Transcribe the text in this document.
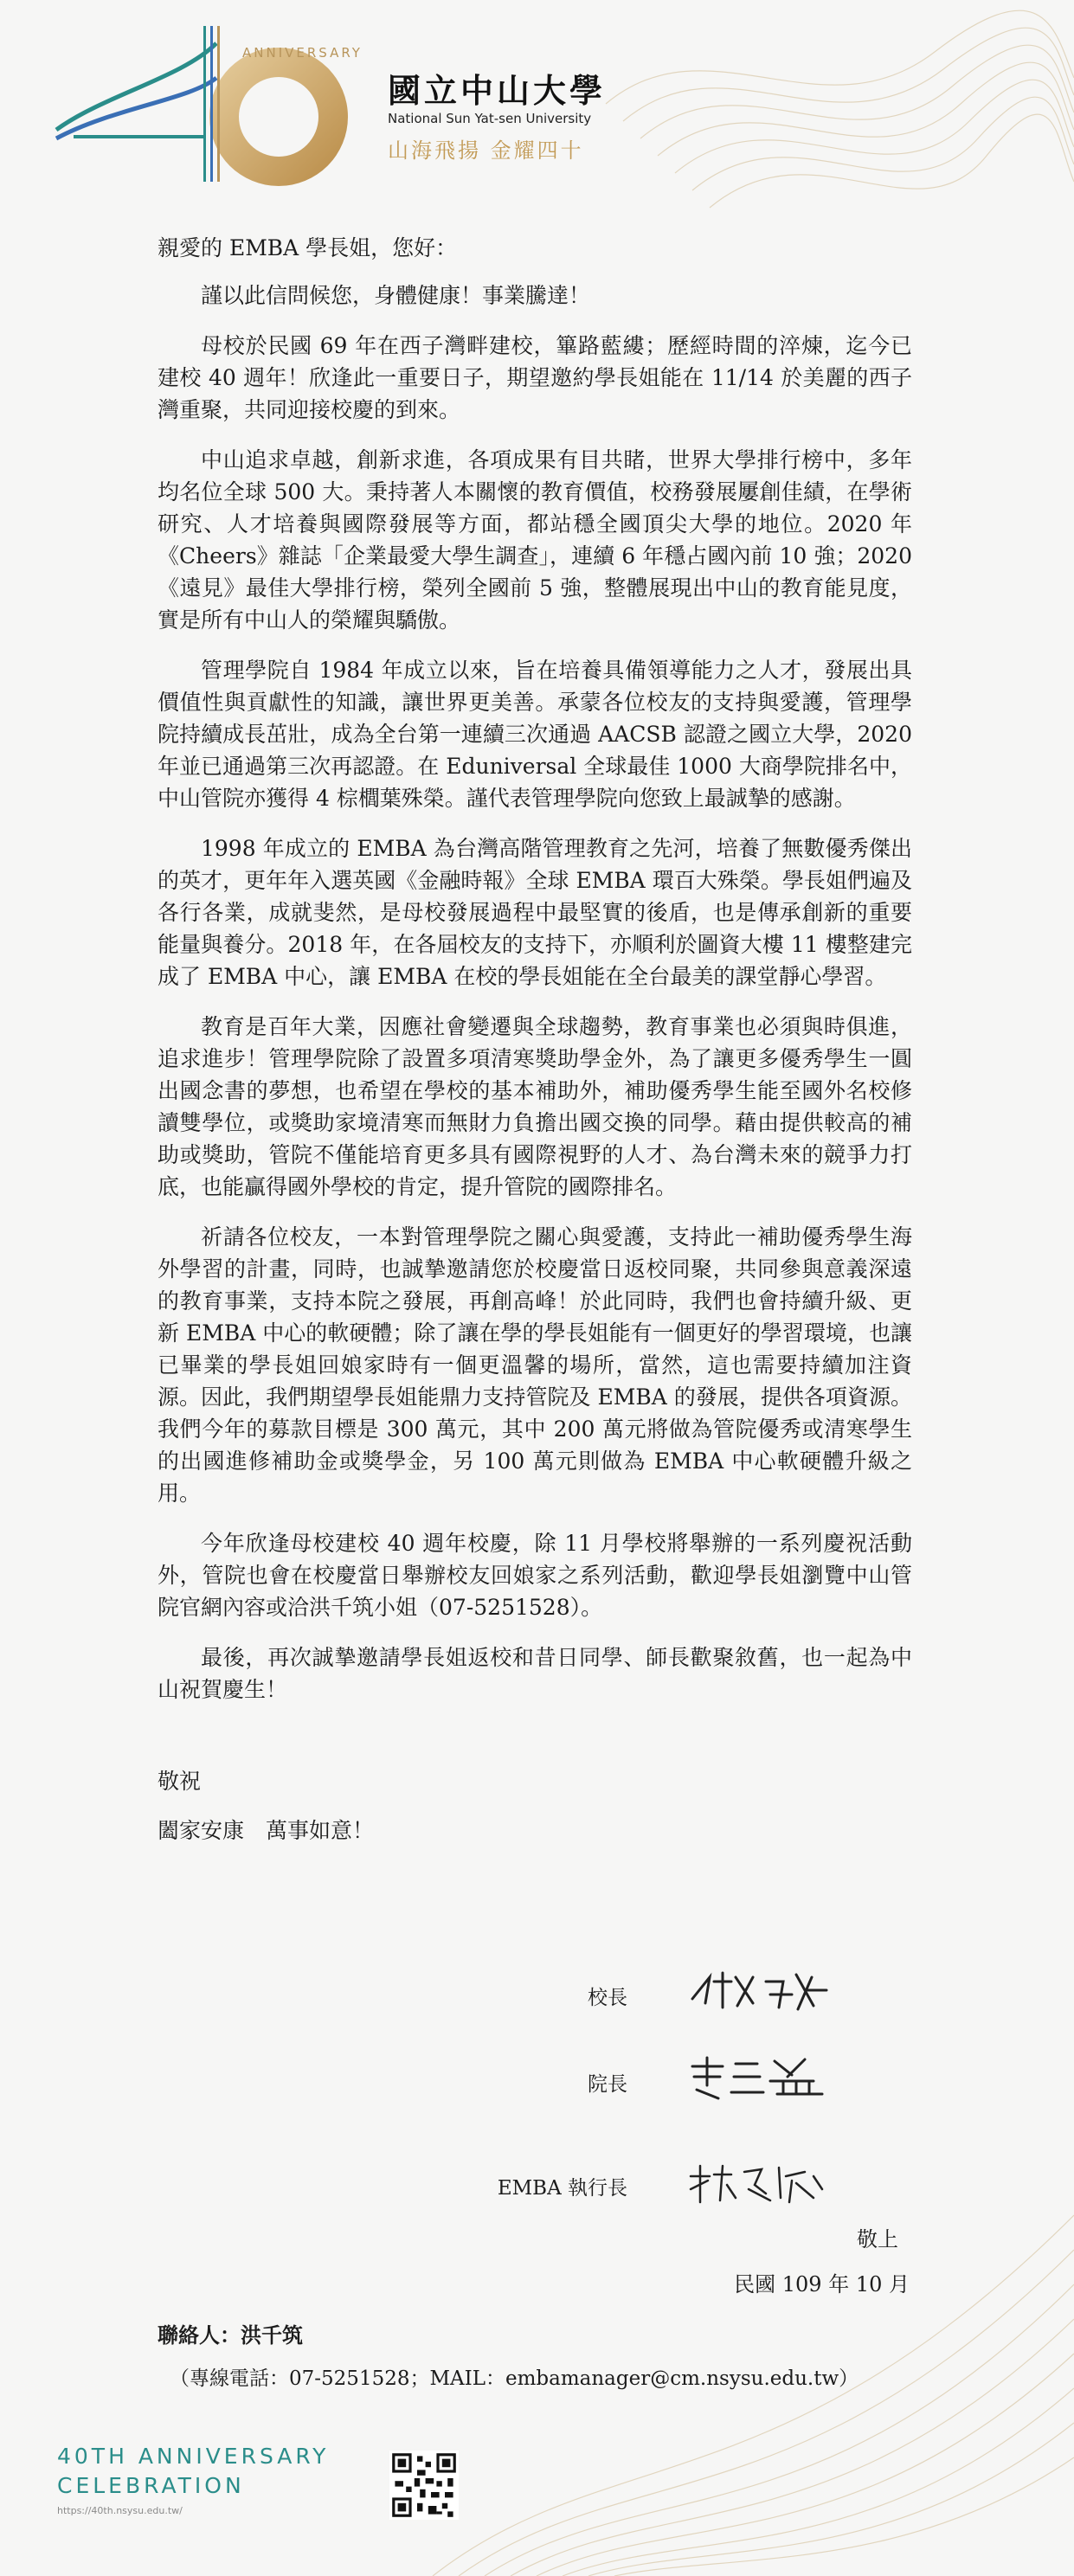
ANNIVERSARY
國立中山大學
National Sun Yat-sen University
山海飛揚 金耀四十

親愛的 EMBA 學長姐，您好：

謹以此信問候您，身體健康！事業騰達！

母校於民國 69 年在西子灣畔建校，篳路藍縷；歷經時間的淬煉，迄今已建校 40 週年！欣逢此一重要日子，期望邀約學長姐能在 11/14 於美麗的西子灣重聚，共同迎接校慶的到來。

中山追求卓越，創新求進，各項成果有目共睹，世界大學排行榜中，多年均名位全球 500 大。秉持著人本關懷的教育價值，校務發展屢創佳績，在學術研究、人才培養與國際發展等方面，都站穩全國頂尖大學的地位。2020 年《Cheers》雜誌「企業最愛大學生調查」，連續 6 年穩占國內前 10 強；2020《遠見》最佳大學排行榜，榮列全國前 5 強，整體展現出中山的教育能見度，實是所有中山人的榮耀與驕傲。

管理學院自 1984 年成立以來，旨在培養具備領導能力之人才，發展出具價值性與貢獻性的知識，讓世界更美善。承蒙各位校友的支持與愛護，管理學院持續成長茁壯，成為全台第一連續三次通過 AACSB 認證之國立大學，2020 年並已通過第三次再認證。在 Eduniversal 全球最佳 1000 大商學院排名中，中山管院亦獲得 4 棕櫚葉殊榮。謹代表管理學院向您致上最誠摯的感謝。

1998 年成立的 EMBA 為台灣高階管理教育之先河，培養了無數優秀傑出的英才，更年年入選英國《金融時報》全球 EMBA 環百大殊榮。學長姐們遍及各行各業，成就斐然，是母校發展過程中最堅實的後盾，也是傳承創新的重要能量與養分。2018 年，在各屆校友的支持下，亦順利於圖資大樓 11 樓整建完成了 EMBA 中心，讓 EMBA 在校的學長姐能在全台最美的課堂靜心學習。

教育是百年大業，因應社會變遷與全球趨勢，教育事業也必須與時俱進，追求進步！管理學院除了設置多項清寒獎助學金外，為了讓更多優秀學生一圓出國念書的夢想，也希望在學校的基本補助外，補助優秀學生能至國外名校修讀雙學位，或獎助家境清寒而無財力負擔出國交換的同學。藉由提供較高的補助或獎助，管院不僅能培育更多具有國際視野的人才、為台灣未來的競爭力打底，也能贏得國外學校的肯定，提升管院的國際排名。

祈請各位校友，一本對管理學院之關心與愛護，支持此一補助優秀學生海外學習的計畫，同時，也誠摯邀請您於校慶當日返校同聚，共同參與意義深遠的教育事業，支持本院之發展，再創高峰！於此同時，我們也會持續升級、更新 EMBA 中心的軟硬體；除了讓在學的學長姐能有一個更好的學習環境，也讓已畢業的學長姐回娘家時有一個更溫馨的場所，當然，這也需要持續加注資源。因此，我們期望學長姐能鼎力支持管院及 EMBA 的發展，提供各項資源。我們今年的募款目標是 300 萬元，其中 200 萬元將做為管院優秀或清寒學生的出國進修補助金或獎學金，另 100 萬元則做為 EMBA 中心軟硬體升級之用。

今年欣逢母校建校 40 週年校慶，除 11 月學校將舉辦的一系列慶祝活動外，管院也會在校慶當日舉辦校友回娘家之系列活動，歡迎學長姐瀏覽中山管院官網內容或洽洪千筑小姐（07-5251528）。

最後，再次誠摯邀請學長姐返校和昔日同學、師長歡聚敘舊，也一起為中山祝賀慶生！

敬祝
闔家安康　萬事如意！
校長
院長
EMBA 執行長
敬上
民國 109 年 10 月
聯絡人：洪千筑
（專線電話：07-5251528；MAIL：embamanager@cm.nsysu.edu.tw）
40TH ANNIVERSARY
CELEBRATION
https://40th.nsysu.edu.tw/
